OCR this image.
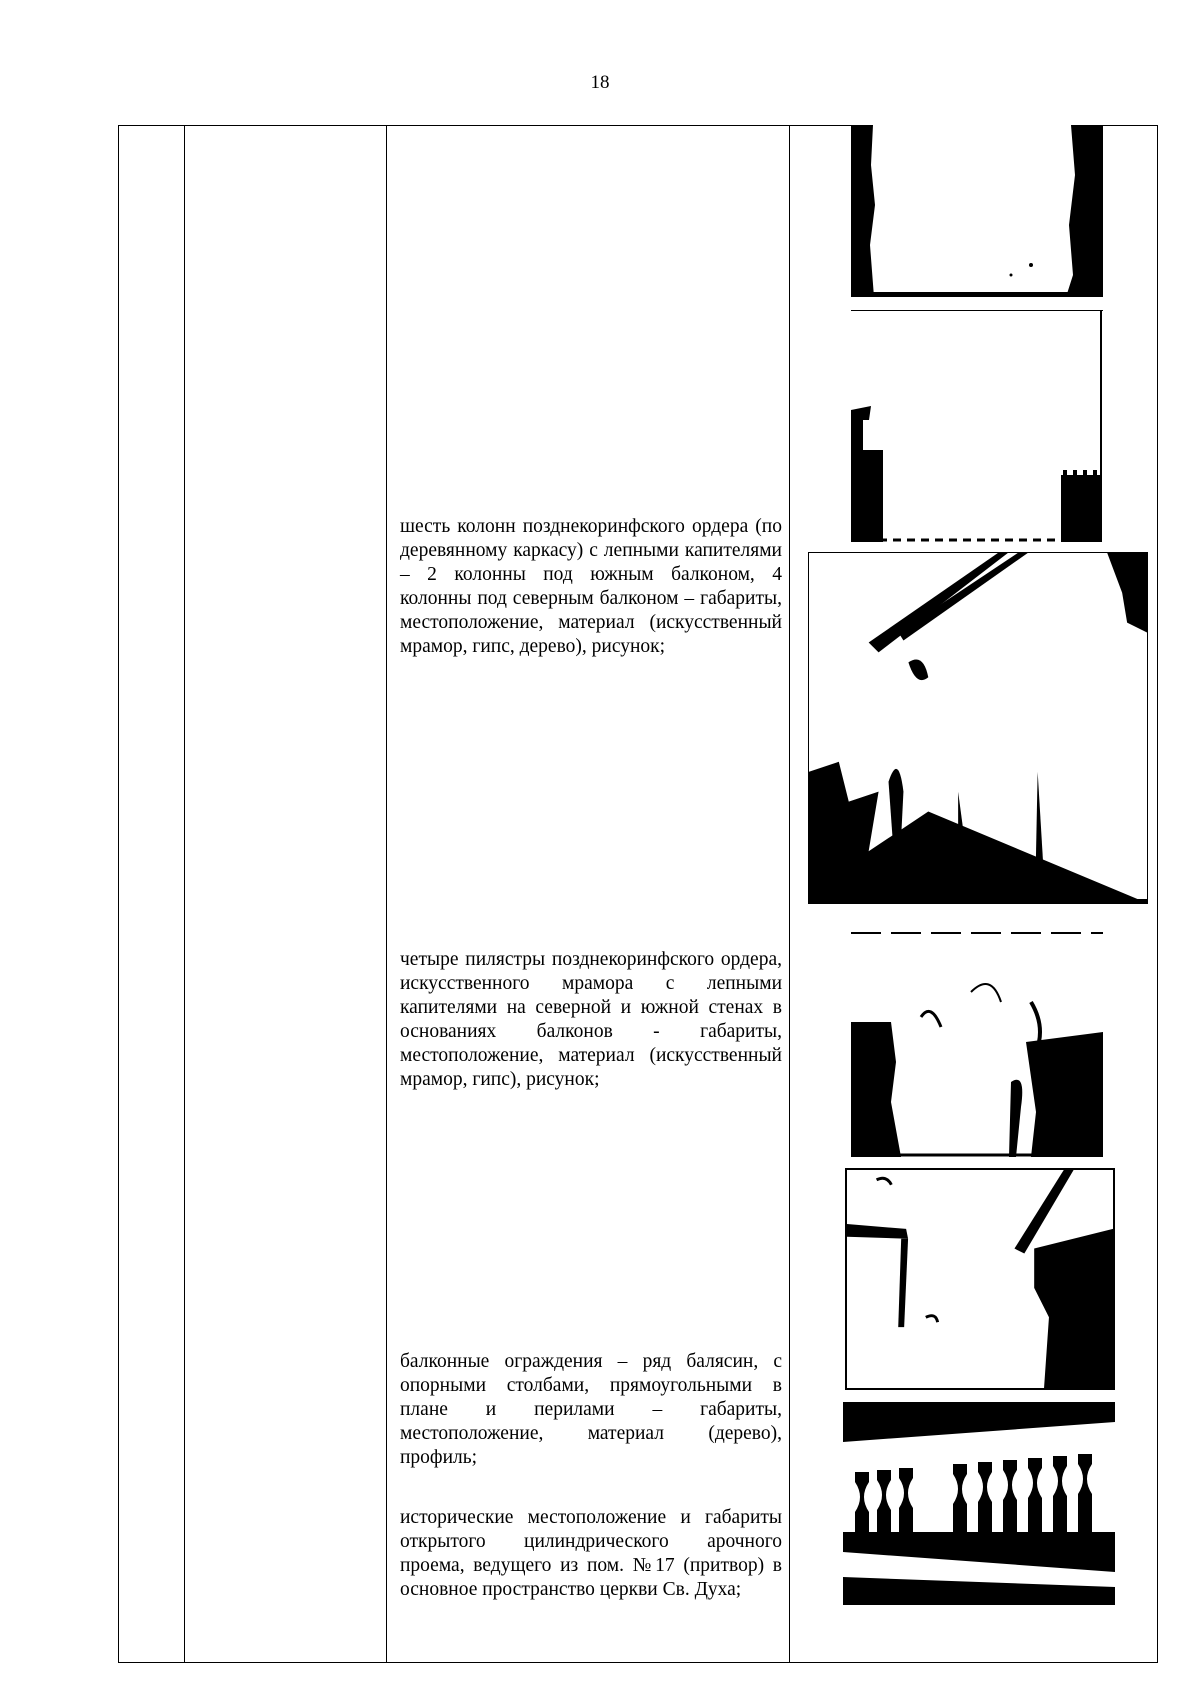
18
шесть колонн позднекоринфского ордера (по деревянному каркасу) с лепными капителями – 2 колонны под южным балконом, 4 колонны под северным балконом – габариты, местоположение, материал (искусственный мрамор, гипс, дерево), рисунок;
четыре пилястры позднекоринфского ордера, искусственного мрамора с лепными капителями на северной и южной стенах в основаниях балконов - габариты, местоположение, материал (искусственный мрамор, гипс), рисунок;
балконные ограждения – ряд балясин, с опорными столбами, прямоугольными в плане и перилами – габариты, местоположение, материал (дерево), профиль;
исторические местоположение и габариты открытого цилиндрического арочного проема, ведущего из пом. №17 (притвор) в основное пространство церкви Св. Духа;
